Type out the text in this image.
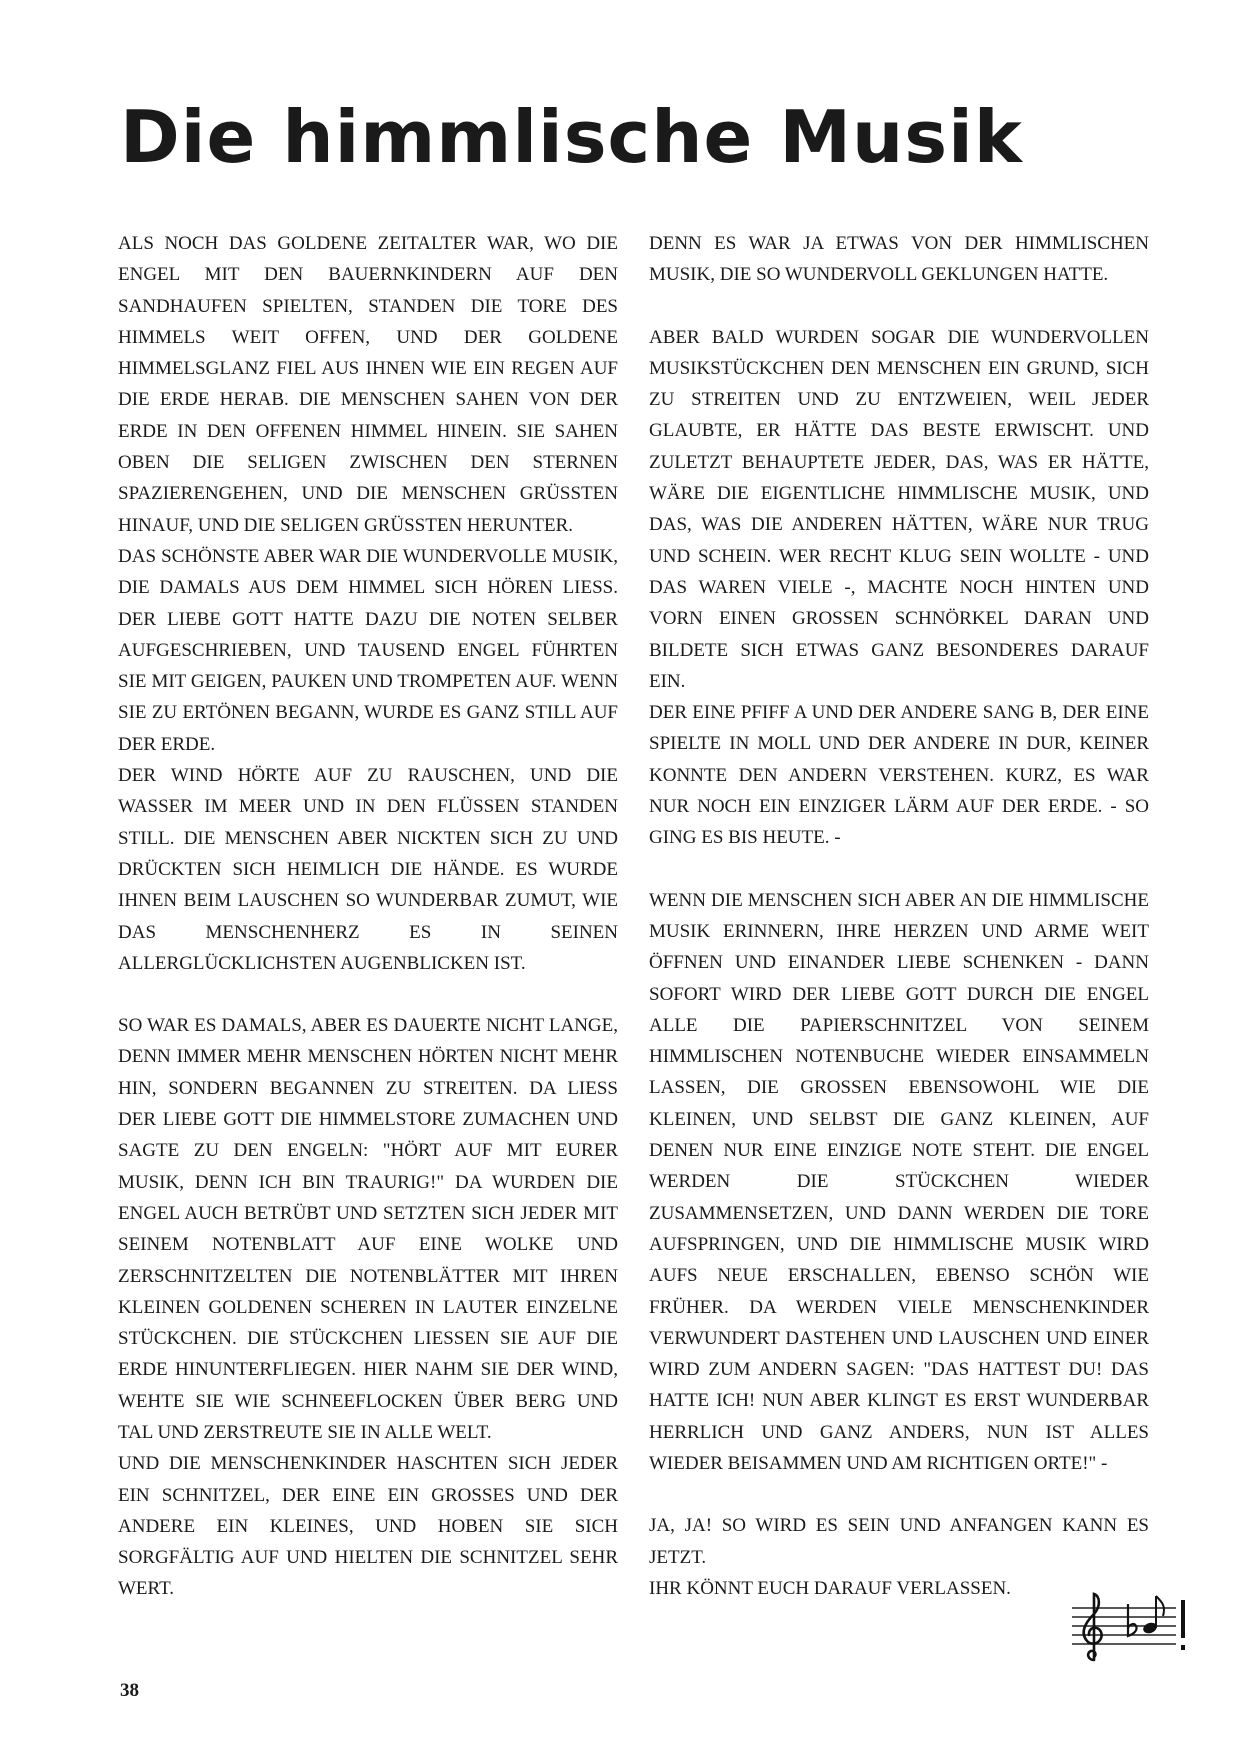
Die himmlische Musik

ALS NOCH DAS GOLDENE ZEITALTER WAR, WO DIE ENGEL MIT DEN BAUERNKINDERN AUF DEN SANDHAUFEN SPIELTEN, STANDEN DIE TORE DES HIMMELS WEIT OFFEN, UND DER GOLDENE HIMMELSGLANZ FIEL AUS IHNEN WIE EIN REGEN AUF DIE ERDE HERAB. DIE MENSCHEN SAHEN VON DER ERDE IN DEN OFFENEN HIMMEL HINEIN. SIE SAHEN OBEN DIE SELIGEN ZWISCHEN DEN STERNEN SPAZIERENGEHEN, UND DIE MENSCHEN GRÜSSTEN HINAUF, UND DIE SELIGEN GRÜSSTEN HERUNTER.

DAS SCHÖNSTE ABER WAR DIE WUNDERVOLLE MUSIK, DIE DAMALS AUS DEM HIMMEL SICH HÖREN LIESS. DER LIEBE GOTT HATTE DAZU DIE NOTEN SELBER AUFGESCHRIEBEN, UND TAUSEND ENGEL FÜHRTEN SIE MIT GEIGEN, PAUKEN UND TROMPETEN AUF. WENN SIE ZU ERTÖNEN BEGANN, WURDE ES GANZ STILL AUF DER ERDE.

DER WIND HÖRTE AUF ZU RAUSCHEN, UND DIE WASSER IM MEER UND IN DEN FLÜSSEN STANDEN STILL. DIE MENSCHEN ABER NICKTEN SICH ZU UND DRÜCKTEN SICH HEIMLICH DIE HÄNDE. ES WURDE IHNEN BEIM LAUSCHEN SO WUNDERBAR ZUMUT, WIE DAS MENSCHENHERZ ES IN SEINEN ALLERGLÜCKLICHSTEN AUGENBLICKEN IST.

SO WAR ES DAMALS, ABER ES DAUERTE NICHT LANGE, DENN IMMER MEHR MENSCHEN HÖRTEN NICHT MEHR HIN, SONDERN BEGANNEN ZU STREITEN. DA LIESS DER LIEBE GOTT DIE HIMMELSTORE ZUMACHEN UND SAGTE ZU DEN ENGELN: "HÖRT AUF MIT EURER MUSIK, DENN ICH BIN TRAURIG!" DA WURDEN DIE ENGEL AUCH BETRÜBT UND SETZTEN SICH JEDER MIT SEINEM NOTENBLATT AUF EINE WOLKE UND ZERSCHNITZELTEN DIE NOTENBLÄTTER MIT IHREN KLEINEN GOLDENEN SCHEREN IN LAUTER EINZELNE STÜCKCHEN. DIE STÜCKCHEN LIESSEN SIE AUF DIE ERDE HINUNTERFLIEGEN. HIER NAHM SIE DER WIND, WEHTE SIE WIE SCHNEEFLOCKEN ÜBER BERG UND TAL UND ZERSTREUTE SIE IN ALLE WELT.

UND DIE MENSCHENKINDER HASCHTEN SICH JEDER EIN SCHNITZEL, DER EINE EIN GROSSES UND DER ANDERE EIN KLEINES, UND HOBEN SIE SICH SORGFÄLTIG AUF UND HIELTEN DIE SCHNITZEL SEHR WERT.

DENN ES WAR JA ETWAS VON DER HIMMLISCHEN MUSIK, DIE SO WUNDERVOLL GEKLUNGEN HATTE.

ABER BALD WURDEN SOGAR DIE WUNDERVOLLEN MUSIKSTÜCKCHEN DEN MENSCHEN EIN GRUND, SICH ZU STREITEN UND ZU ENTZWEIEN, WEIL JEDER GLAUBTE, ER HÄTTE DAS BESTE ERWISCHT. UND ZULETZT BEHAUPTETE JEDER, DAS, WAS ER HÄTTE, WÄRE DIE EIGENTLICHE HIMMLISCHE MUSIK, UND DAS, WAS DIE ANDEREN HÄTTEN, WÄRE NUR TRUG UND SCHEIN. WER RECHT KLUG SEIN WOLLTE - UND DAS WAREN VIELE -, MACHTE NOCH HINTEN UND VORN EINEN GROSSEN SCHNÖRKEL DARAN UND BILDETE SICH ETWAS GANZ BESONDERES DARAUF EIN.

DER EINE PFIFF A UND DER ANDERE SANG B, DER EINE SPIELTE IN MOLL UND DER ANDERE IN DUR, KEINER KONNTE DEN ANDERN VERSTEHEN. KURZ, ES WAR NUR NOCH EIN EINZIGER LÄRM AUF DER ERDE. - SO GING ES BIS HEUTE. -

WENN DIE MENSCHEN SICH ABER AN DIE HIMMLISCHE MUSIK ERINNERN, IHRE HERZEN UND ARME WEIT ÖFFNEN UND EINANDER LIEBE SCHENKEN - DANN SOFORT WIRD DER LIEBE GOTT DURCH DIE ENGEL ALLE DIE PAPIERSCHNITZEL VON SEINEM HIMMLISCHEN NOTENBUCHE WIEDER EINSAMMELN LASSEN, DIE GROSSEN EBENSOWOHL WIE DIE KLEINEN, UND SELBST DIE GANZ KLEINEN, AUF DENEN NUR EINE EINZIGE NOTE STEHT. DIE ENGEL WERDEN DIE STÜCKCHEN WIEDER ZUSAMMENSETZEN, UND DANN WERDEN DIE TORE AUFSPRINGEN, UND DIE HIMMLISCHE MUSIK WIRD AUFS NEUE ERSCHALLEN, EBENSO SCHÖN WIE FRÜHER. DA WERDEN VIELE MENSCHENKINDER VERWUNDERT DASTEHEN UND LAUSCHEN UND EINER WIRD ZUM ANDERN SAGEN: "DAS HATTEST DU! DAS HATTE ICH! NUN ABER KLINGT ES ERST WUNDERBAR HERRLICH UND GANZ ANDERS, NUN IST ALLES WIEDER BEISAMMEN UND AM RICHTIGEN ORTE!" -

JA, JA! SO WIRD ES SEIN UND ANFANGEN KANN ES JETZT.

IHR KÖNNT EUCH DARAUF VERLASSEN.

38
